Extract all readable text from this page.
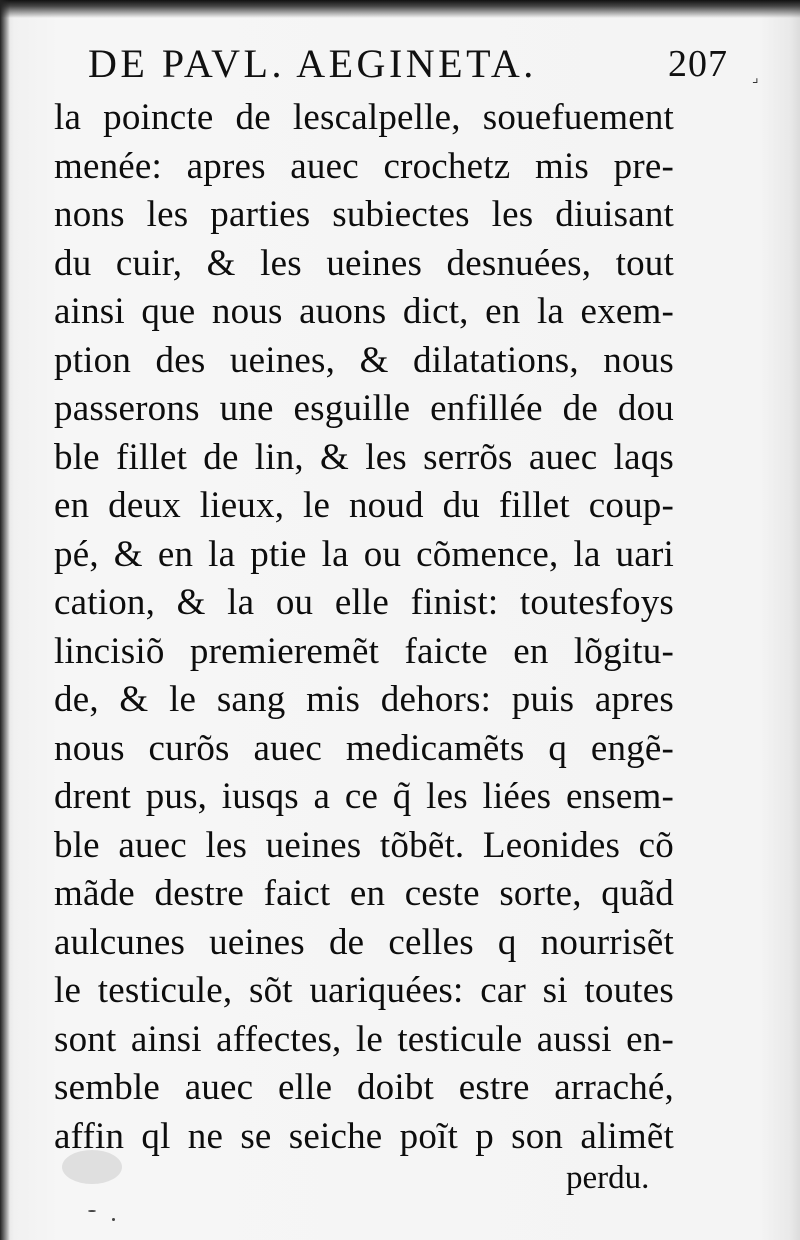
DE PAVL. AEGINETA.	207 ⌟
la poincte de lescalpelle, souefuement
menée: apres auec crochetz mis pre-
nons les parties subiectes les diuisant
du cuir, & les ueines desnuées, tout
ainsi que nous auons dict, en la exem-
ption des ueines, & dilatations, nous
passerons une esguille enfillée de dou
ble fillet de lin, & les serrõs auec laqs
en deux lieux, le noud du fillet coup-
pé, & en la ptie la ou cõmence, la uari
cation, & la ou elle finist: toutesfoys
lincisiõ premieremẽt faicte en lõgitu-
de, & le sang mis dehors: puis apres
nous curõs auec medicamẽts q engẽ-
drent pus, iusqs a ce q̃ les liées ensem-
ble auec les ueines tõbẽt. Leonides cõ
mãde destre faict en ceste sorte, quãd
aulcunes ueines de celles q nourrisẽt
le testicule, sõt uariquées: car si toutes
sont ainsi affectes, le testicule aussi en-
semble auec elle doibt estre arraché,
affin ql ne se seiche poĩt p son alimẽt
perdu.
